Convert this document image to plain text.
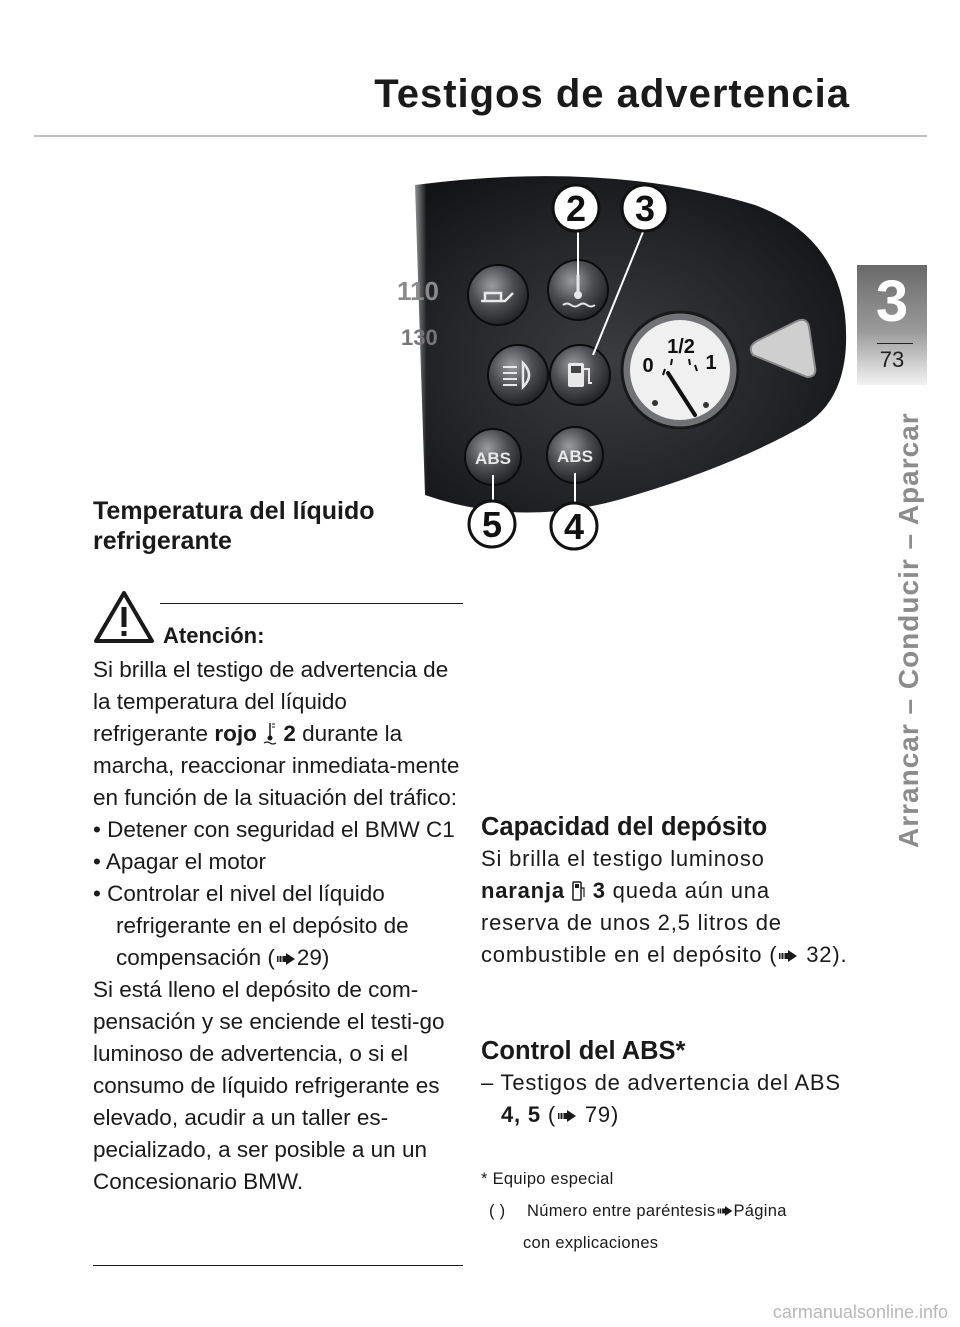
Testigos de advertencia
3
73
Arrancar – Conducir – Aparcar
110
130
ABS	ABS
0
1/2
1
2 3
5 4
Temperatura del líquido refrigerante
Atención:

Si brilla el testigo de advertencia de la temperatura del líquido refrigerante rojo 2 durante la marcha, reaccionar inmediata-mente en función de la situación del tráfico:

• Detener con seguridad el BMW C1

• Apagar el motor

• Controlar el nivel del líquido refrigerante en el depósito de compensación ( 29)

Si está lleno el depósito de com-pensación y se enciende el testi-go luminoso de advertencia, o si el consumo de líquido refrigerante es elevado, acudir a un taller es-pecializado, a ser posible a un un Concesionario BMW.

Capacidad del depósito

Si brilla el testigo luminoso naranja 3 queda aún una reserva de unos 2,5 litros de combustible en el depósito ( 32).

Control del ABS*

– Testigos de advertencia del ABS 4, 5 ( 79)

* Equipo especial
( ) Número entre paréntesis Página
con explicaciones
carmanualsonline.info
